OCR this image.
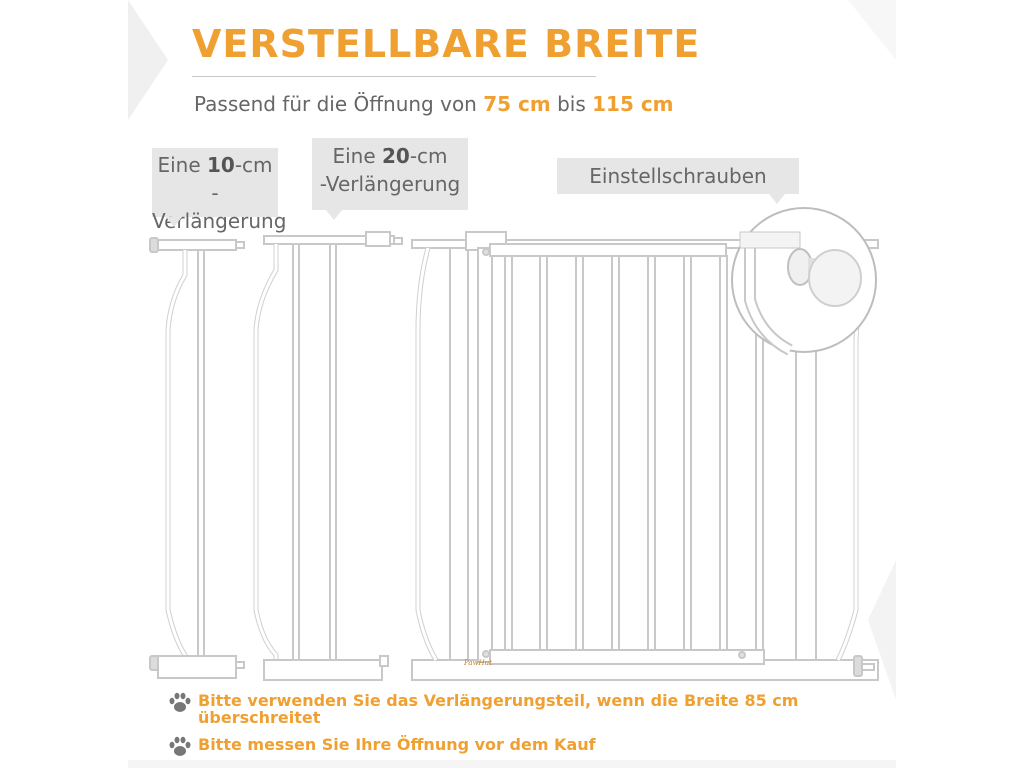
VERSTELLBARE BREITE
Passend für die Öffnung von 75 cm bis 115 cm
Eine 10-cm
-Verlängerung
Eine 20-cm
-Verlängerung	Einstellschrauben
PawHut
Bitte verwenden Sie das Verlängerungsteil, wenn die Breite 85 cm überschreitet
Bitte messen Sie Ihre Öffnung vor dem Kauf
